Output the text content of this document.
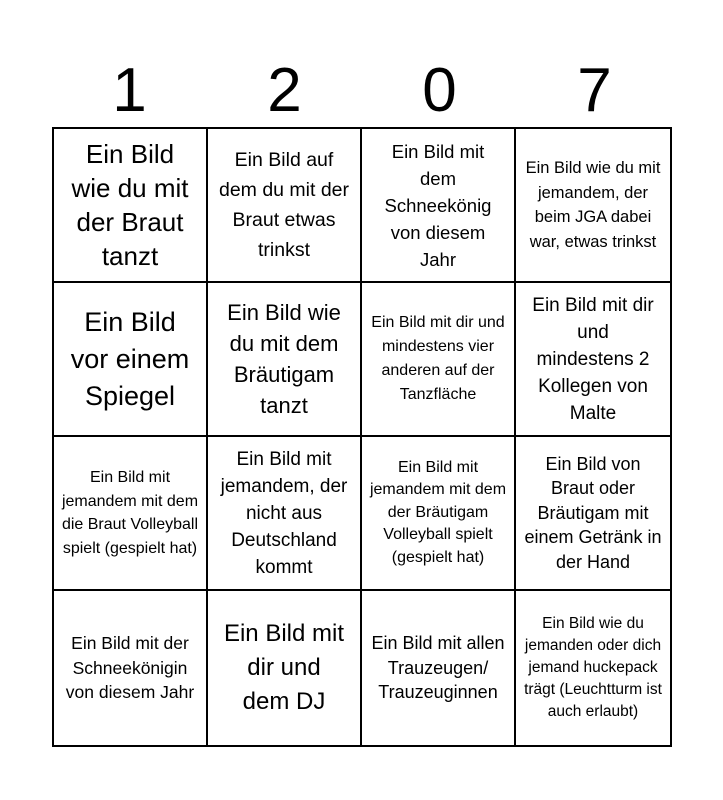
1	2	0	7
Ein Bild wie du mit der Braut tanzt
Ein Bild auf dem du mit der Braut etwas trinkst
Ein Bild mit dem Schneekönig von diesem Jahr
Ein Bild wie du mit jemandem, der beim JGA dabei war, etwas trinkst
Ein Bild vor einem Spiegel
Ein Bild wie du mit dem Bräutigam tanzt
Ein Bild mit dir und mindestens vier anderen auf der Tanzfläche
Ein Bild mit dir und mindestens 2 Kollegen von Malte
Ein Bild mit jemandem mit dem die Braut Volleyball spielt (gespielt hat)
Ein Bild mit jemandem, der nicht aus Deutschland kommt
Ein Bild mit jemandem mit dem der Bräutigam Volleyball spielt (gespielt hat)
Ein Bild von Braut oder Bräutigam mit einem Getränk in der Hand
Ein Bild mit der Schneekönigin von diesem Jahr
Ein Bild mit dir und dem DJ
Ein Bild mit allen Trauzeugen/ Trauzeuginnen
Ein Bild wie du jemanden oder dich jemand huckepack trägt (Leuchtturm ist auch erlaubt)
